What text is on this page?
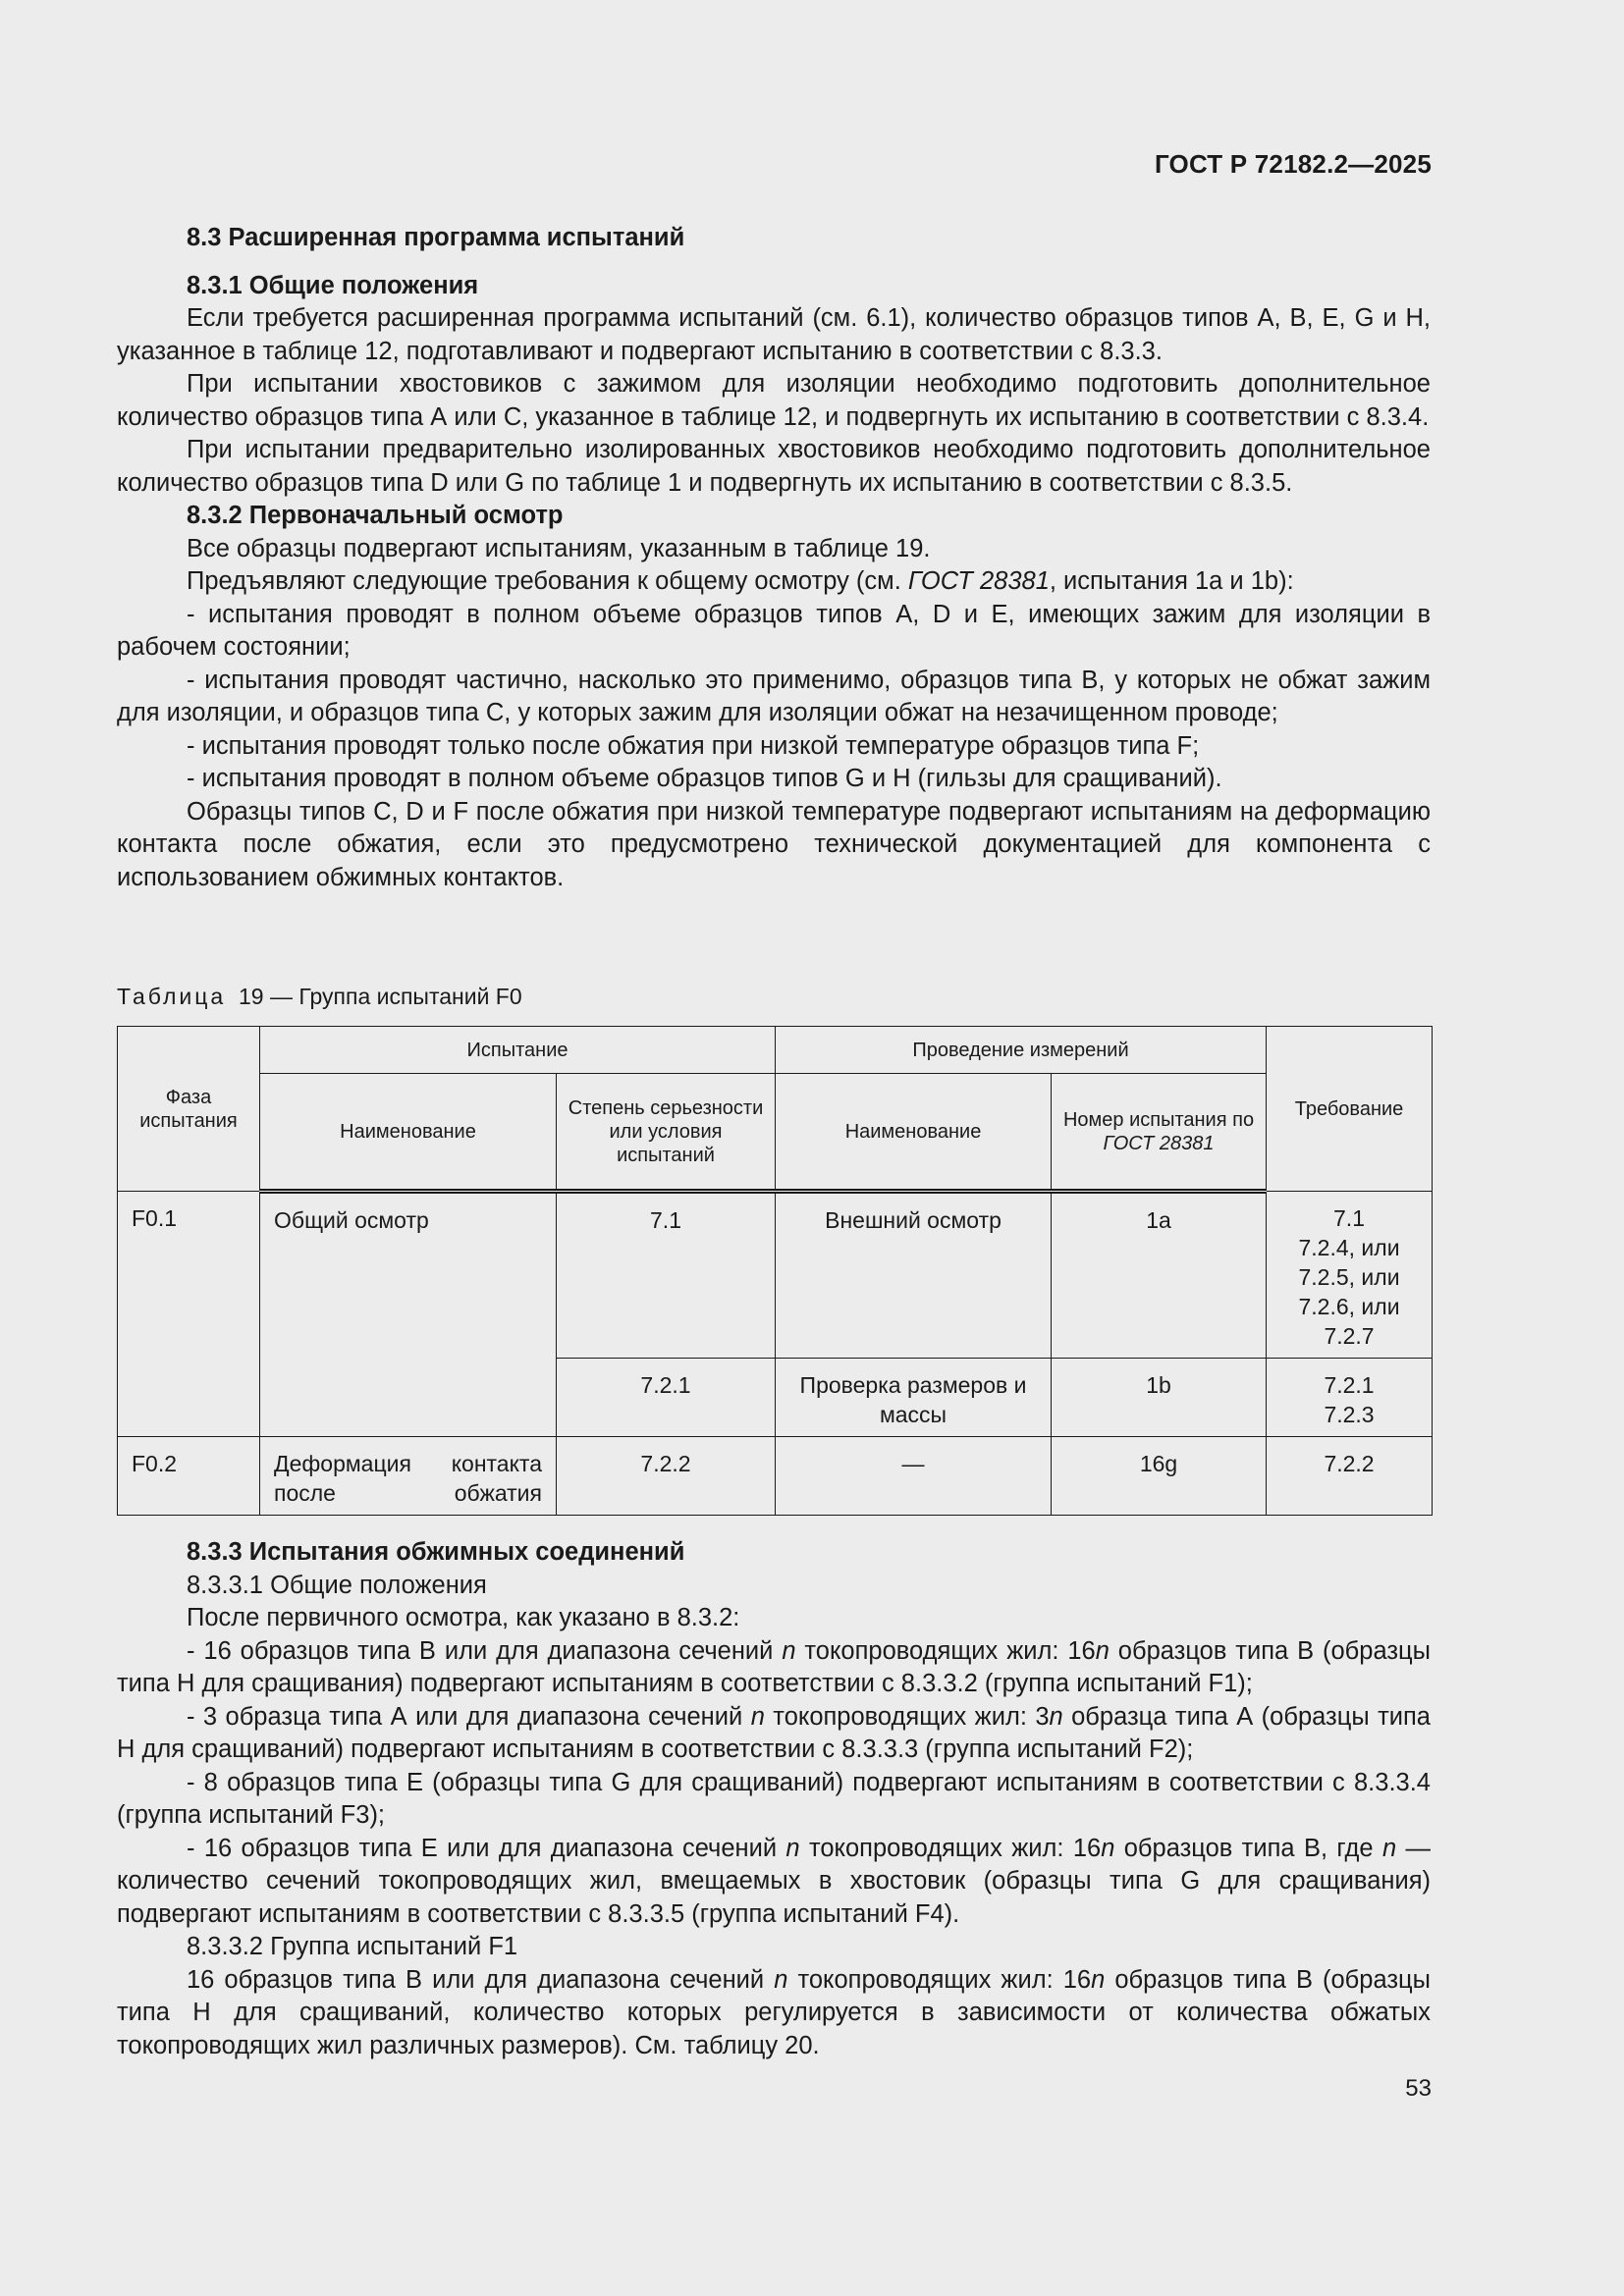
ГОСТ Р 72182.2—2025

8.3 Расширенная программа испытаний

8.3.1 Общие положения

Если требуется расширенная программа испытаний (см. 6.1), количество образцов типов А, В, Е, G и Н, указанное в таблице 12, подготавливают и подвергают испытанию в соответствии с 8.3.3.

При испытании хвостовиков с зажимом для изоляции необходимо подготовить дополнительное количество образцов типа А или С, указанное в таблице 12, и подвергнуть их испытанию в соответствии с 8.3.4.

При испытании предварительно изолированных хвостовиков необходимо подготовить дополнительное количество образцов типа D или G по таблице 1 и подвергнуть их испытанию в соответствии с 8.3.5.

8.3.2 Первоначальный осмотр

Все образцы подвергают испытаниям, указанным в таблице 19.

Предъявляют следующие требования к общему осмотру (см. ГОСТ 28381, испытания 1a и 1b):

- испытания проводят в полном объеме образцов типов А, D и Е, имеющих зажим для изоляции в рабочем состоянии;

- испытания проводят частично, насколько это применимо, образцов типа В, у которых не обжат зажим для изоляции, и образцов типа С, у которых зажим для изоляции обжат на незачищенном проводе;

- испытания проводят только после обжатия при низкой температуре образцов типа F;

- испытания проводят в полном объеме образцов типов G и Н (гильзы для сращиваний).

Образцы типов С, D и F после обжатия при низкой температуре подвергают испытаниям на деформацию контакта после обжатия, если это предусмотрено технической документацией для компонента с использованием обжимных контактов.

Таблица 19 — Группа испытаний F0
Фаза испытания	Испытание		Проведение измерений		Требование
	Наименование	Степень серьезности или условия испытаний	Наименование	Номер испытания по ГОСТ 28381	
F0.1	Общий осмотр	7.1	Внешний осмотр	1a	7.1
7.2.4, или
7.2.5, или
7.2.6, или
7.2.7

		7.2.1	Проверка размеров и массы	1b	7.2.1
7.2.3

F0.2	Деформация контакта после обжатия	7.2.2	—	16g	7.2.2

8.3.3 Испытания обжимных соединений

8.3.3.1 Общие положения

После первичного осмотра, как указано в 8.3.2:

- 16 образцов типа В или для диапазона сечений n токопроводящих жил: 16n образцов типа В (образцы типа Н для сращивания) подвергают испытаниям в соответствии с 8.3.3.2 (группа испытаний F1);

- 3 образца типа А или для диапазона сечений n токопроводящих жил: 3n образца типа А (образцы типа Н для сращиваний) подвергают испытаниям в соответствии с 8.3.3.3 (группа испытаний F2);

- 8 образцов типа Е (образцы типа G для сращиваний) подвергают испытаниям в соответствии с 8.3.3.4 (группа испытаний F3);

- 16 образцов типа Е или для диапазона сечений n токопроводящих жил: 16n образцов типа В, где n — количество сечений токопроводящих жил, вмещаемых в хвостовик (образцы типа G для сращивания) подвергают испытаниям в соответствии с 8.3.3.5 (группа испытаний F4).

8.3.3.2 Группа испытаний F1

16 образцов типа В или для диапазона сечений n токопроводящих жил: 16n образцов типа В (образцы типа Н для сращиваний, количество которых регулируется в зависимости от количества обжатых токопроводящих жил различных размеров). См. таблицу 20.

53
